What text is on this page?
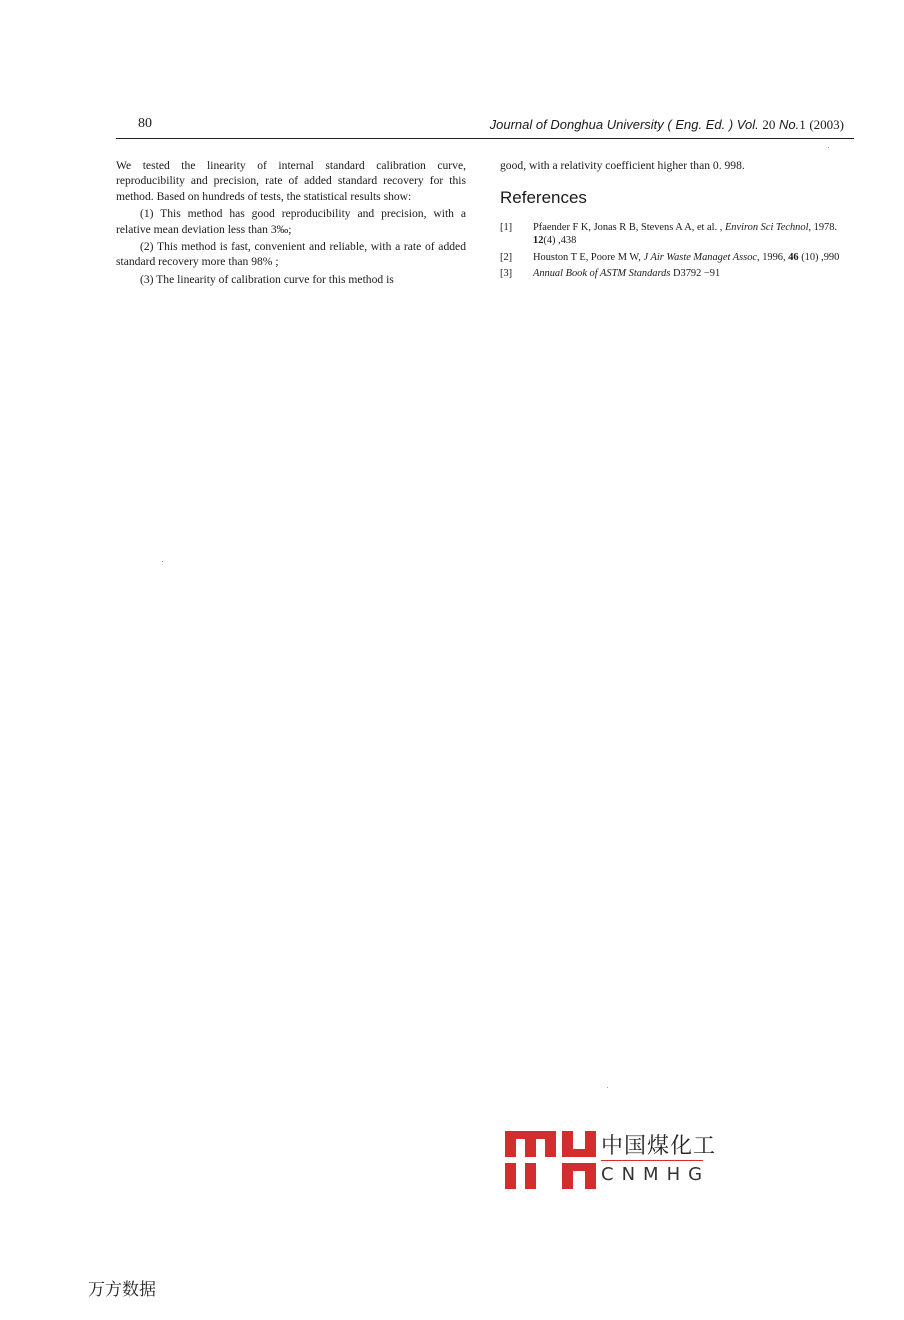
80	Journal of Donghua University ( Eng. Ed. ) Vol. 20 No.1 (2003)

We tested the linearity of internal standard calibration curve, reproducibility and precision, rate of added standard recovery for this method. Based on hundreds of tests, the statistical results show:

(1) This method has good reproducibility and precision, with a relative mean deviation less than 3‰;

(2) This method is fast, convenient and reliable, with a rate of added standard recovery more than 98% ;

(3) The linearity of calibration curve for this method is

good, with a relativity coefficient higher than 0. 998.

References
[1]	Pfaender F K, Jonas R B, Stevens A A, et al. , Environ Sci Technol, 1978. 12(4) ,438
[2]	Houston T E, Poore M W, J Air Waste Managet Assoc, 1996, 46 (10) ,990
[3]	Annual Book of ASTM Standards D3792 −91
中国煤化工
CNMHG
万方数据
